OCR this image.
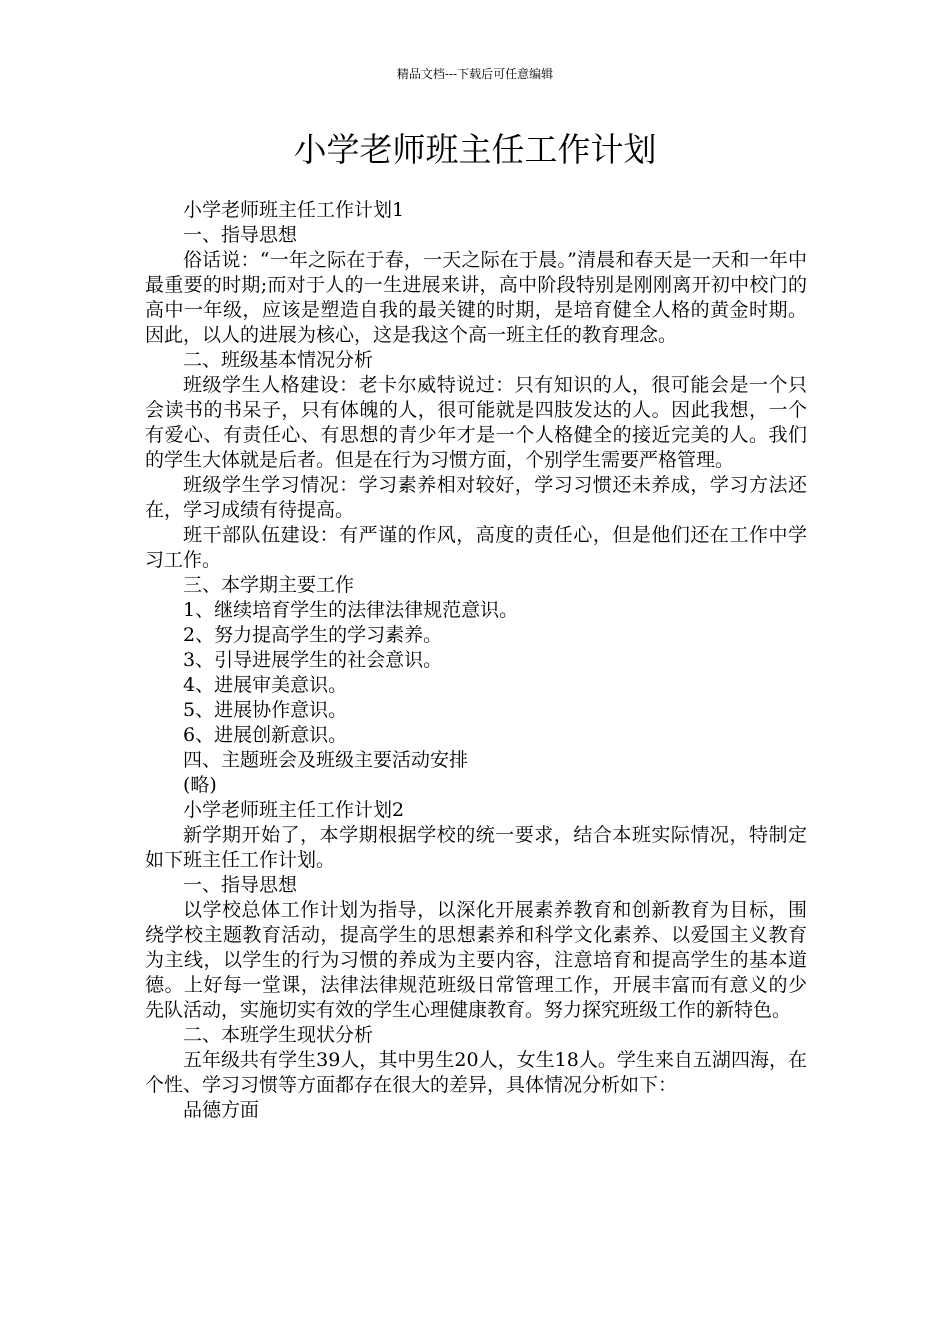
精品文档---下载后可任意编辑
小学老师班主任工作计划

小学老师班主任工作计划1

一、指导思想

俗话说：“一年之际在于春，一天之际在于晨。”清晨和春天是一天和一年中最重要的时期;而对于人的一生进展来讲，高中阶段特别是刚刚离开初中校门的高中一年级，应该是塑造自我的最关键的时期，是培育健全人格的黄金时期。因此，以人的进展为核心，这是我这个高一班主任的教育理念。

二、班级基本情况分析

班级学生人格建设：老卡尔威特说过：只有知识的人，很可能会是一个只会读书的书呆子，只有体魄的人，很可能就是四肢发达的人。因此我想，一个有爱心、有责任心、有思想的青少年才是一个人格健全的接近完美的人。我们的学生大体就是后者。但是在行为习惯方面，个别学生需要严格管理。

班级学生学习情况：学习素养相对较好，学习习惯还未养成，学习方法还在，学习成绩有待提高。

班干部队伍建设：有严谨的作风，高度的责任心，但是他们还在工作中学习工作。

三、本学期主要工作

1、继续培育学生的法律法律规范意识。

2、努力提高学生的学习素养。

3、引导进展学生的社会意识。

4、进展审美意识。

5、进展协作意识。

6、进展创新意识。

四、主题班会及班级主要活动安排

(略)

小学老师班主任工作计划2

新学期开始了，本学期根据学校的统一要求，结合本班实际情况，特制定如下班主任工作计划。

一、指导思想

以学校总体工作计划为指导，以深化开展素养教育和创新教育为目标，围绕学校主题教育活动，提高学生的思想素养和科学文化素养、以爱国主义教育为主线，以学生的行为习惯的养成为主要内容，注意培育和提高学生的基本道德。上好每一堂课，法律法律规范班级日常管理工作，开展丰富而有意义的少先队活动，实施切实有效的学生心理健康教育。努力探究班级工作的新特色。

二、本班学生现状分析

五年级共有学生39人，其中男生20人，女生18人。学生来自五湖四海，在个性、学习习惯等方面都存在很大的差异，具体情况分析如下：

品德方面
